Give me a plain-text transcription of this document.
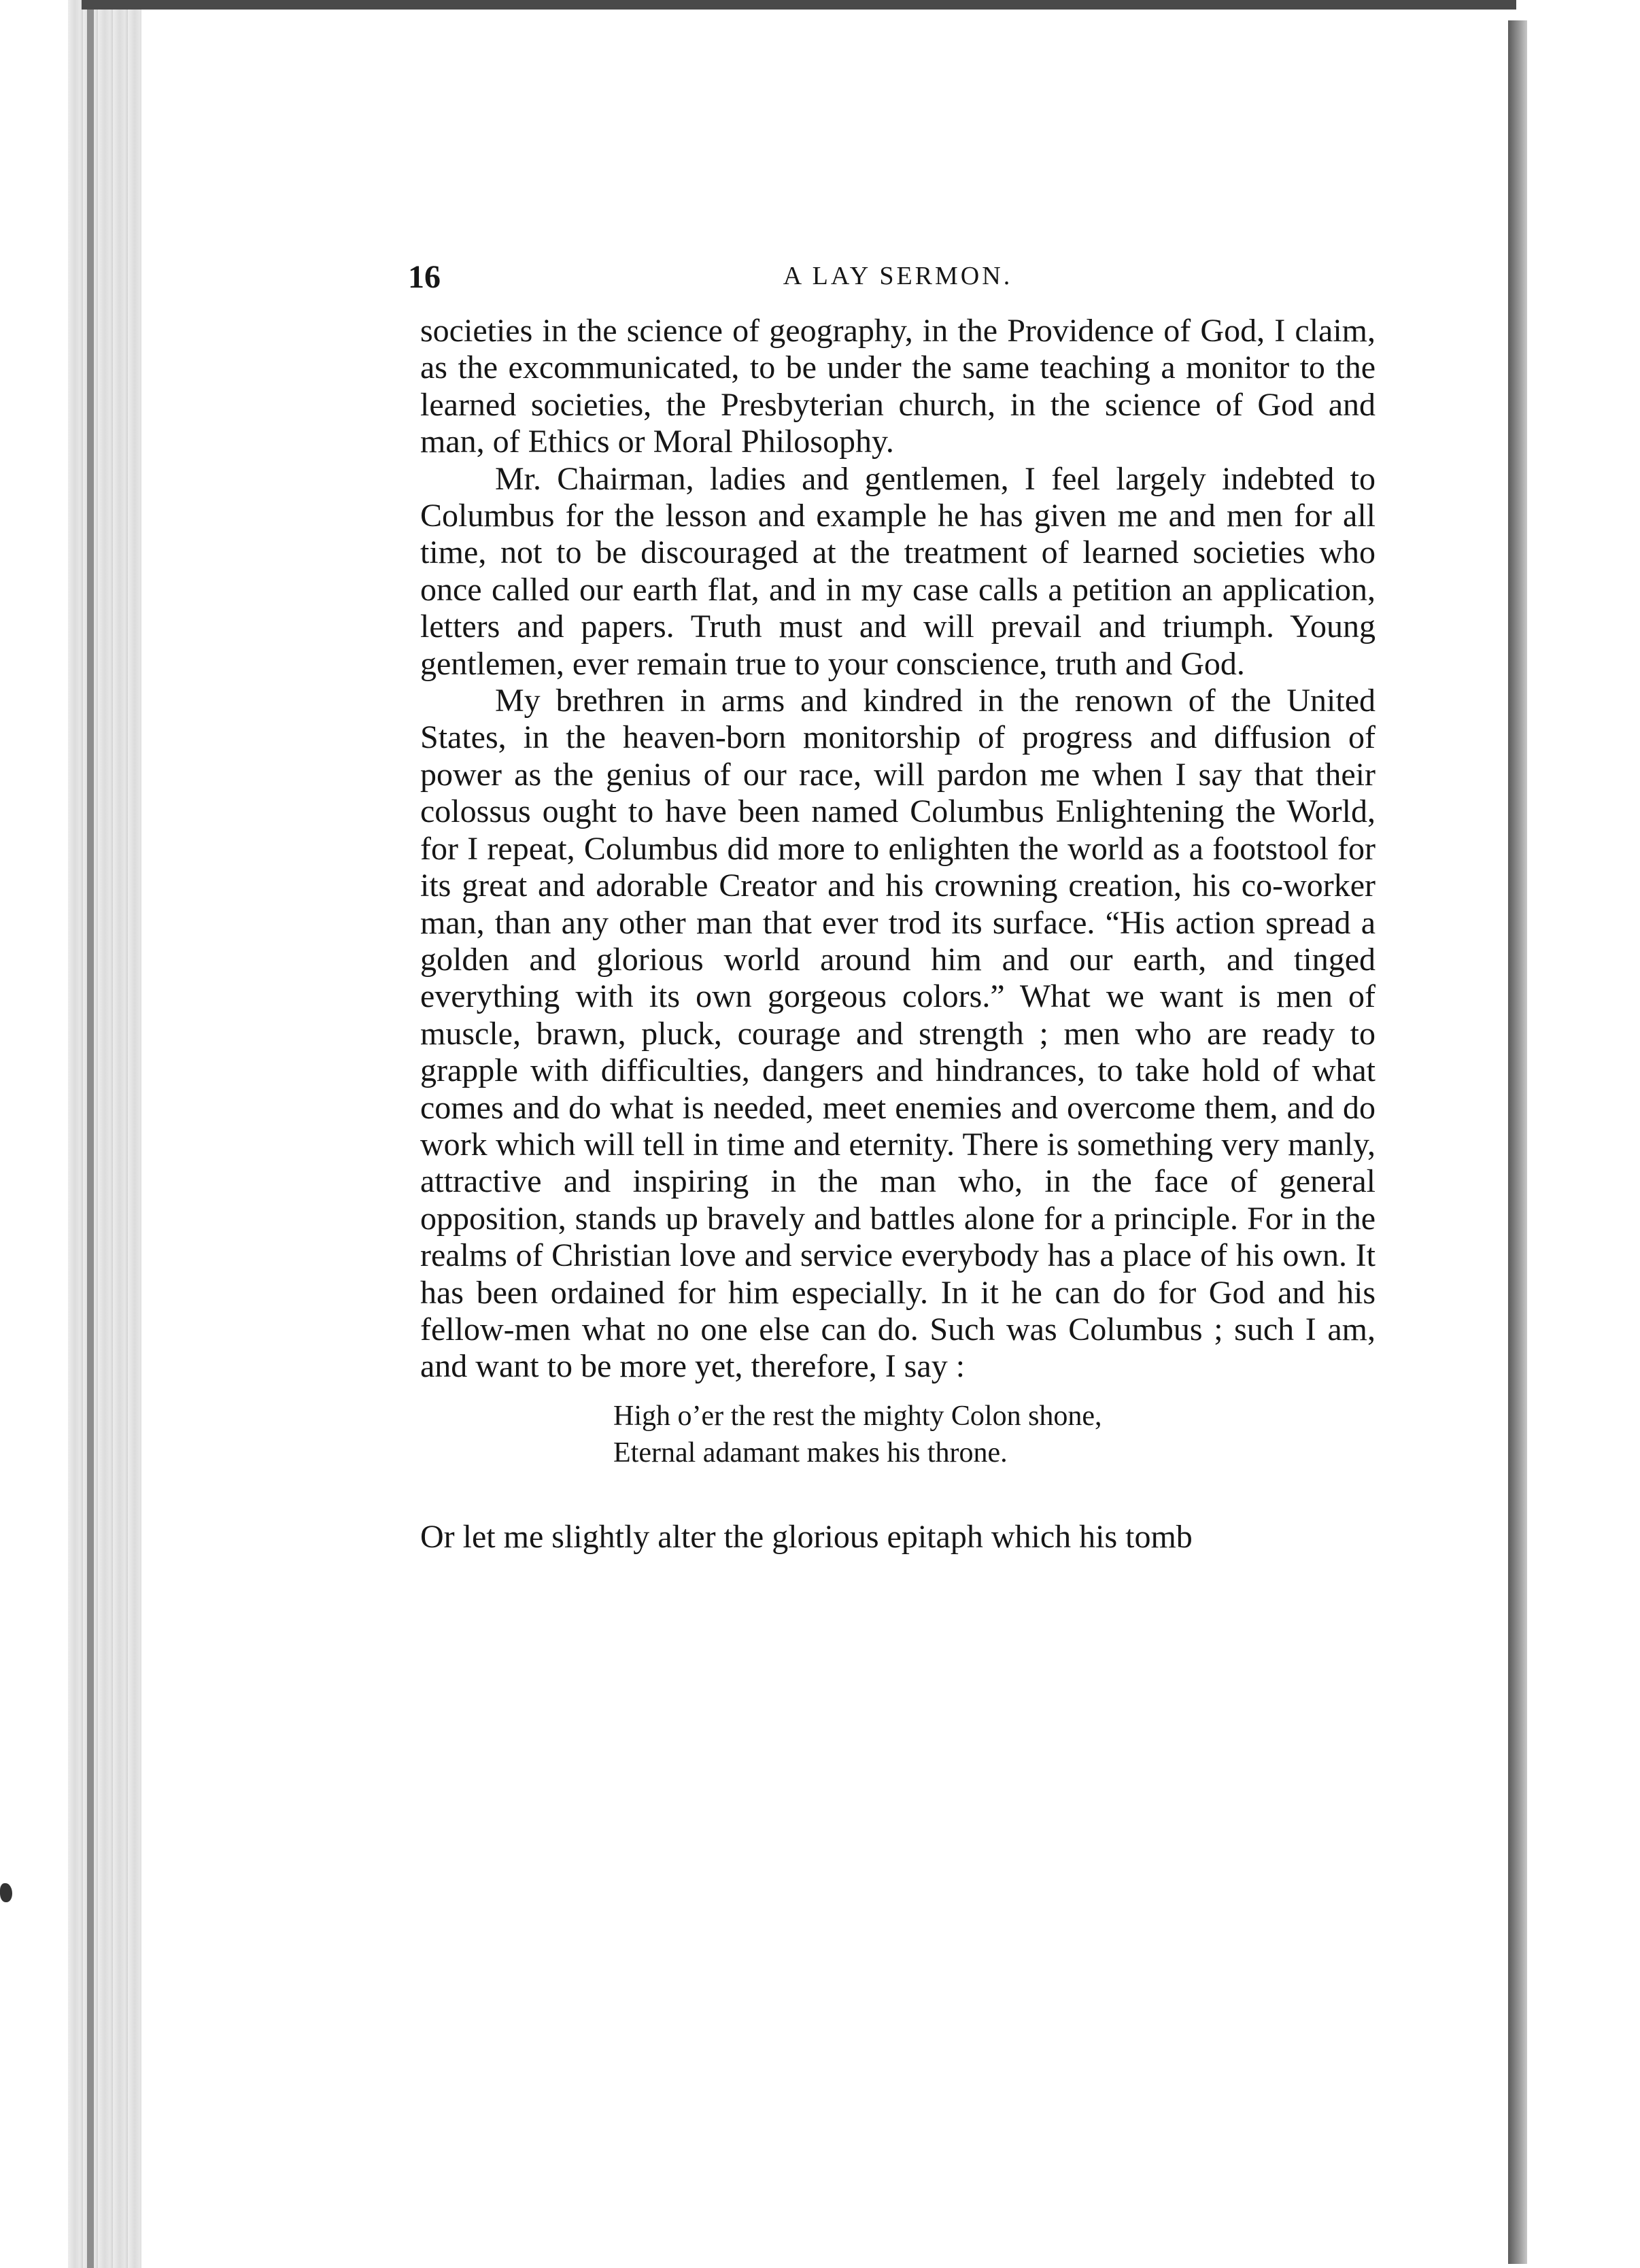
16	A LAY SERMON.

societies in the science of geography, in the Providence of God, I claim, as the excommunicated, to be under the same teaching a monitor to the learned societies, the Presbyterian church, in the science of God and man, of Ethics or Moral Philosophy.

Mr. Chairman, ladies and gentlemen, I feel largely indebted to Columbus for the lesson and example he has given me and men for all time, not to be discouraged at the treatment of learned societies who once called our earth flat, and in my case calls a petition an application, letters and papers. Truth must and will prevail and triumph. Young gentlemen, ever remain true to your conscience, truth and God.

My brethren in arms and kindred in the renown of the United States, in the heaven-born monitorship of progress and diffusion of power as the genius of our race, will pardon me when I say that their colossus ought to have been named Columbus Enlightening the World, for I repeat, Columbus did more to enlighten the world as a footstool for its great and adorable Creator and his crowning creation, his co-worker man, than any other man that ever trod its surface. “His action spread a golden and glorious world around him and our earth, and tinged everything with its own gorgeous colors.” What we want is men of muscle, brawn, pluck, courage and strength ; men who are ready to grapple with difficulties, dangers and hindrances, to take hold of what comes and do what is needed, meet enemies and overcome them, and do work which will tell in time and eternity. There is something very manly, attractive and inspiring in the man who, in the face of general opposition, stands up bravely and battles alone for a principle. For in the realms of Christian love and service everybody has a place of his own. It has been ordained for him especially. In it he can do for God and his fellow-men what no one else can do. Such was Columbus ; such I am, and want to be more yet, therefore, I say :

High o’er the rest the mighty Colon shone,
Eternal adamant makes his throne.

Or let me slightly alter the glorious epitaph which his tomb
